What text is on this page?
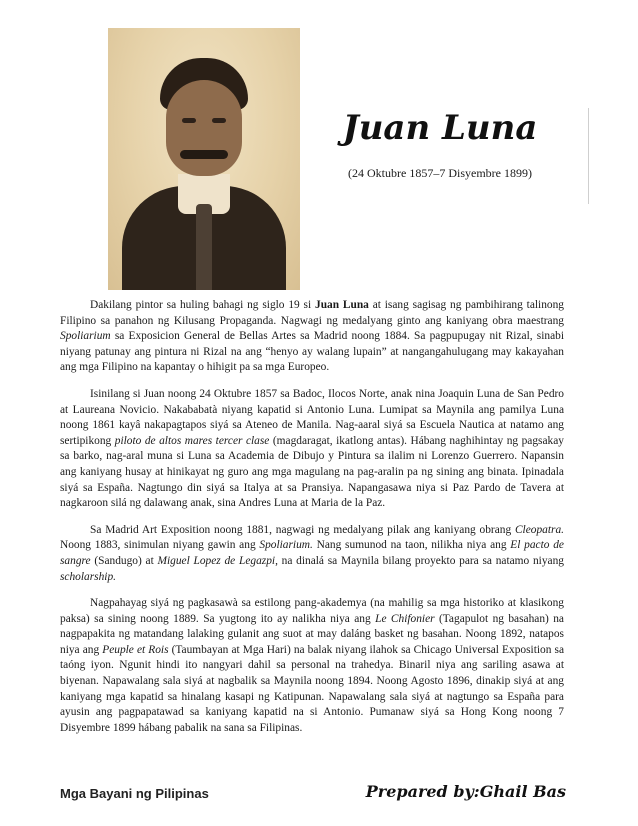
Juan Luna
(24 Oktubre 1857–7 Disyembre 1899)

Dakilang pintor sa huling bahagi ng siglo 19 si Juan Luna at isang sagisag ng pambihirang talinong Filipino sa panahon ng Kilusang Propaganda. Nagwagi ng medalyang ginto ang kaniyang obra maestrang Spoliarium sa Exposicion General de Bellas Artes sa Madrid noong 1884. Sa pagpupugay nit Rizal, sinabi niyang patunay ang pintura ni Rizal na ang “henyo ay walang lupain” at nangangahulugang may kakayahan ang mga Filipino na kapantay o hihigit pa sa mga Europeo.

Isinilang si Juan noong 24 Oktubre 1857 sa Badoc, Ilocos Norte, anak nina Joaquin Luna de San Pedro at Laureana Novicio. Nakababatà niyang kapatid si Antonio Luna. Lumipat sa Maynila ang pamilya Luna noong 1861 kayâ nakapagtapos siyá sa Ateneo de Manila. Nag-aaral siyá sa Escuela Nautica at natamo ang sertipikong piloto de altos mares tercer clase (magdaragat, ikatlong antas). Hábang naghihintay ng pagsakay sa barko, nag-aral muna si Luna sa Academia de Dibujo y Pintura sa ilalim ni Lorenzo Guerrero. Napansin ang kaniyang husay at hinikayat ng guro ang mga magulang na pag-aralin pa ng sining ang binata. Ipinadala siyá sa España. Nagtungo din siyá sa Italya at sa Pransiya. Napangasawa niya si Paz Pardo de Tavera at nagkaroon silá ng dalawang anak, sina Andres Luna at Maria de la Paz.

Sa Madrid Art Exposition noong 1881, nagwagi ng medalyang pilak ang kaniyang obrang Cleopatra. Noong 1883, sinimulan niyang gawin ang Spoliarium. Nang sumunod na taon, nilikha niya ang El pacto de sangre (Sandugo) at Miguel Lopez de Legazpi, na dinalá sa Maynila bilang proyekto para sa natamo niyang scholarship.

Nagpahayag siyá ng pagkasawà sa estilong pang-akademya (na mahilig sa mga historiko at klasikong paksa) sa sining noong 1889. Sa yugtong ito ay nalikha niya ang Le Chifonier (Tagapulot ng basahan) na nagpapakita ng matandang lalaking gulanit ang suot at may daláng basket ng basahan. Noong 1892, natapos niya ang Peuple et Rois (Taumbayan at Mga Hari) na balak niyang ilahok sa Chicago Universal Exposition sa taóng iyon. Ngunit hindi ito nangyari dahil sa personal na trahedya. Binaril niya ang sariling asawa at biyenan. Napawalang sala siyá at nagbalik sa Maynila noong 1894. Noong Agosto 1896, dinakip siyá at ang kaniyang mga kapatid sa hinalang kasapi ng Katipunan. Napawalang sala siyá at nagtungo sa España para ayusin ang pagpapatawad sa kaniyang kapatid na si Antonio. Pumanaw siyá sa Hong Kong noong 7 Disyembre 1899 hábang pabalik na sana sa Filipinas.

Mga Bayani ng Pilipinas	Prepared by:Ghail Bas
